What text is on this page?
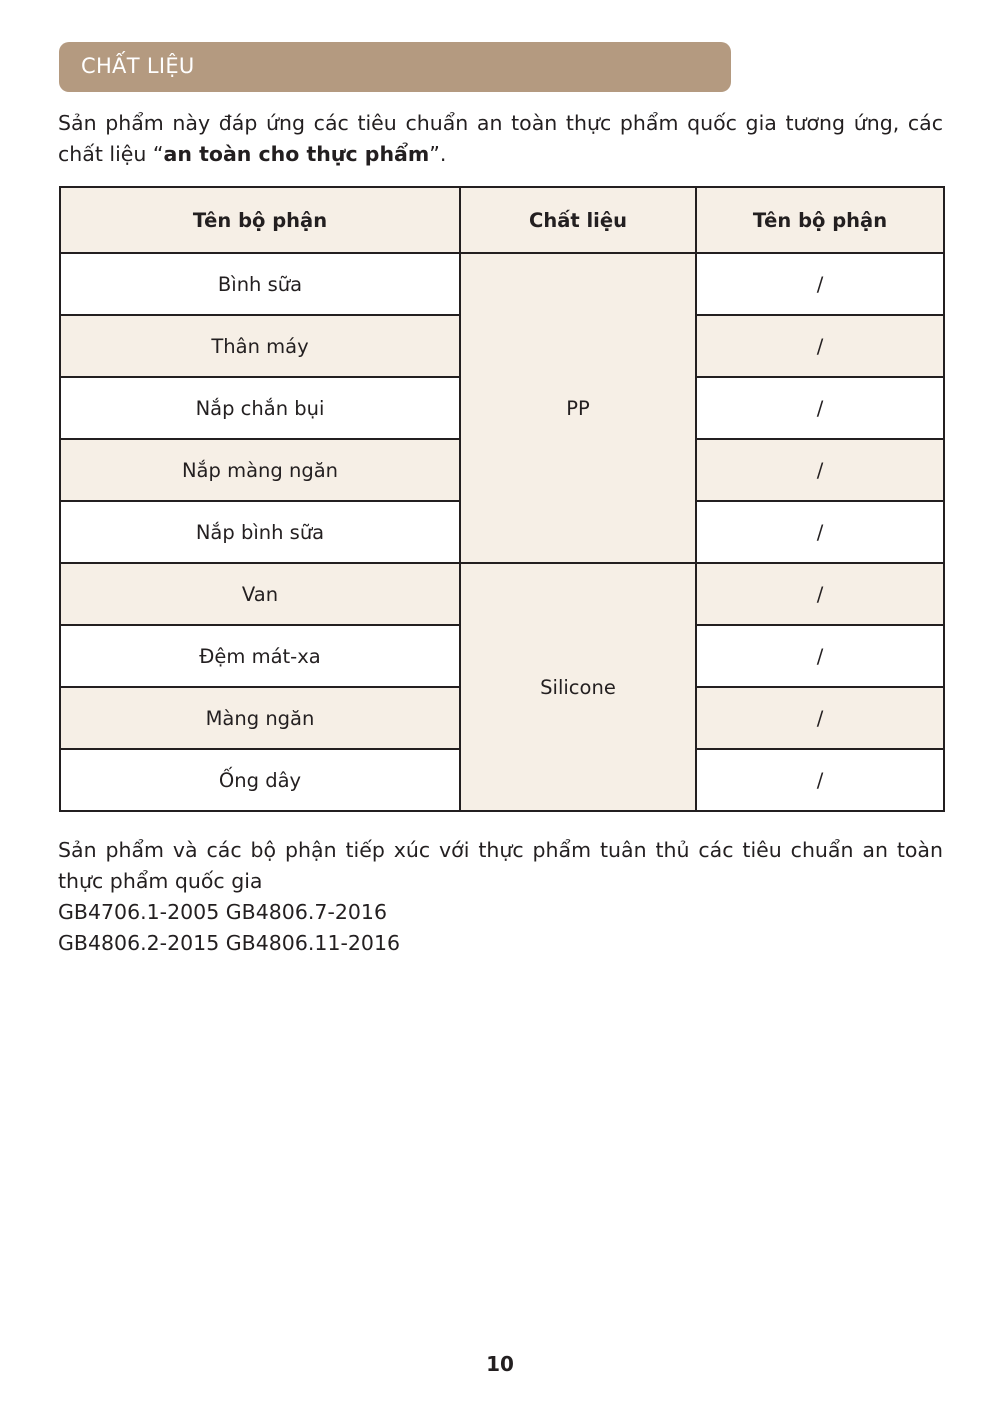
CHẤT LIỆU

Sản phẩm này đáp ứng các tiêu chuẩn an toàn thực phẩm quốc gia tương ứng, các chất liệu “an toàn cho thực phẩm”.

Tên bộ phận	Chất liệu	Tên bộ phận
Bình sữa	PP	/
Thân máy		/
Nắp chắn bụi		/
Nắp màng ngăn		/
Nắp bình sữa		/
Van	Silicone	/
Đệm mát-xa		/
Màng ngăn		/
Ống dây		/
Sản phẩm và các bộ phận tiếp xúc với thực phẩm tuân thủ các tiêu chuẩn an toàn thực phẩm quốc gia
GB4706.1-2005 GB4806.7-2016
GB4806.2-2015 GB4806.11-2016
10
